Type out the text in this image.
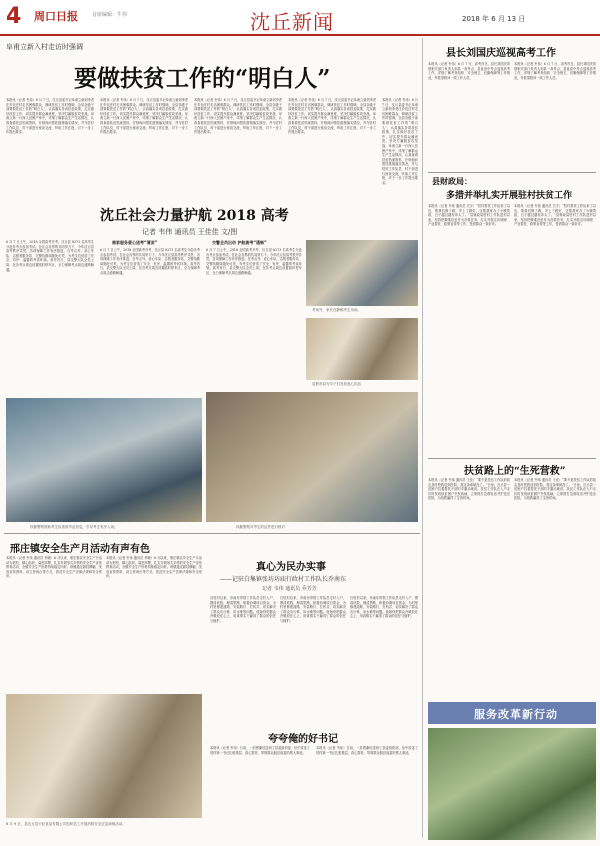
4 周口日报	首席编辑：牛伟	沈丘新闻	2018 年 6 月 13 日
阜甫立新入村走访时强调
要做扶贫工作的“明白人”
本报讯（记者 韦伟）6 月 7 日，沈丘县委书记阜甫立新到李老庄乡包庄村走访困难群众，调研扶贫工作时强调，全县各级干部要做扶贫工作的“明白人”，认真落实各项扶贫政策，扎实做好扶贫工作，切实提升群众满意度，坚决打赢脱贫攻坚战。阜甫立新一行深入贫困户家中，详细了解群众生产生活情况，认真查看扶贫档案资料，仔细询问帮扶措施落实情况，并与驻村工作队员、村干部进行座谈交流，听取工作汇报，对下一步工作提出要求。
本报讯（记者 韦伟）6 月 7 日，沈丘县委书记阜甫立新到李老庄乡包庄村走访困难群众，调研扶贫工作时强调，全县各级干部要做扶贫工作的“明白人”，认真落实各项扶贫政策，扎实做好扶贫工作，切实提升群众满意度，坚决打赢脱贫攻坚战。阜甫立新一行深入贫困户家中，详细了解群众生产生活情况，认真查看扶贫档案资料，仔细询问帮扶措施落实情况，并与驻村工作队员、村干部进行座谈交流，听取工作汇报，对下一步工作提出要求。
本报讯（记者 韦伟）6 月 7 日，沈丘县委书记阜甫立新到李老庄乡包庄村走访困难群众，调研扶贫工作时强调，全县各级干部要做扶贫工作的“明白人”，认真落实各项扶贫政策，扎实做好扶贫工作，切实提升群众满意度，坚决打赢脱贫攻坚战。阜甫立新一行深入贫困户家中，详细了解群众生产生活情况，认真查看扶贫档案资料，仔细询问帮扶措施落实情况，并与驻村工作队员、村干部进行座谈交流，听取工作汇报，对下一步工作提出要求。
本报讯（记者 韦伟）6 月 7 日，沈丘县委书记阜甫立新到李老庄乡包庄村走访困难群众，调研扶贫工作时强调，全县各级干部要做扶贫工作的“明白人”，认真落实各项扶贫政策，扎实做好扶贫工作，切实提升群众满意度，坚决打赢脱贫攻坚战。阜甫立新一行深入贫困户家中，详细了解群众生产生活情况，认真查看扶贫档案资料，仔细询问帮扶措施落实情况，并与驻村工作队员、村干部进行座谈交流，听取工作汇报，对下一步工作提出要求。
本报讯（记者 韦伟）6 月 7 日，沈丘县委书记阜甫立新到李老庄乡包庄村走访困难群众，调研扶贫工作时强调，全县各级干部要做扶贫工作的“明白人”，认真落实各项扶贫政策，扎实做好扶贫工作，切实提升群众满意度，坚决打赢脱贫攻坚战。阜甫立新一行深入贫困户家中，详细了解群众生产生活情况，认真查看扶贫档案资料，仔细询问帮扶措施落实情况，并与驻村工作队员、村干部进行座谈交流，听取工作汇报，对下一步工作提出要求。
沈丘社会力量护航 2018 高考
记者 韦伟 通讯员 王佳佳 文/图
6 月 7 日上午，2018 全国高考开考，沈丘县 8273 名高考生分赴各考点参加考试。在社会各界的共同努力下，今年沈丘县高考秩序井然，各项保障工作有序推进。在考点外，爱心车队、志愿者服务站、交警执勤岗随处可见，为考生们营造了安全、有序、温馨的考试环境。高考首日，县交警大队全员上岗，在各考点周边设置临时停车区，全力保障考点周边道路畅通。
商家服务爱心送考“清凉”
6 月 7 日上午，2018 全国高考开考，沈丘县 8273 名高考生分赴各考点参加考试。在社会各界的共同努力下，今年沈丘县高考秩序井然，各项保障工作有序推进。在考点外，爱心车队、志愿者服务站、交警执勤岗随处可见，为考生们营造了安全、有序、温馨的考试环境。高考首日，县交警大队全员上岗，在各考点周边设置临时停车区，全力保障考点周边道路畅通。
交警全员出动 护航高考“通畅”
6 月 7 日上午，2018 全国高考开考，沈丘县 8273 名高考生分赴各考点参加考试。在社会各界的共同努力下，今年沈丘县高考秩序井然，各项保障工作有序推进。在考点外，爱心车队、志愿者服务站、交警执勤岗随处可见，为考生们营造了安全、有序、温馨的考试环境。高考首日，县交警大队全员上岗，在各考点周边设置临时停车区，全力保障考点周边道路畅通。
考场外，家长在静候考生出场。
县教育局为学子们发放爱心饮品
执勤警察帮助考生检查准考证信息，引导考生有序入场。	执勤警察对考生的证件进行核对
邢庄镇安全生产月活动有声有色
本报讯（记者 韦伟 通讯员 李晓）6 月以来，邢庄镇以安全生产月活动为契机，精心组织，周密部署，扎实开展形式多样的安全生产宣传教育活动，全镇安全生产形势持续稳定向好。该镇通过悬挂横幅、发放宣传资料、设立咨询台等方式，普及安全生产法律法规和安全常识。
本报讯（记者 韦伟 通讯员 李晓）6 月以来，邢庄镇以安全生产月活动为契机，精心组织，周密部署，扎实开展形式多样的安全生产宣传教育活动，全镇安全生产形势持续稳定向好。该镇通过悬挂横幅、发放宣传资料、设立咨询台等方式，普及安全生产法律法规和安全常识。
6 月 9 日，县沈丘县天旺食品有限公司组织员工开展消防安全应急演练活动。
真心为民办实事
——记驻白集镇张坊坊庙行政村工作队长乔南东
记者 韦伟 通讯员 乔芳芳
自驻村以来，乔南东带领工作队员走村入户，摸清底数，理清思路，积极协调项目资金，为村里修建道路、安装路灯、打机井，切实解决了群众出行难、用水难等问题。他始终把群众冷暖放在心上，用真情实干赢得了群众的信任与拥护。
自驻村以来，乔南东带领工作队员走村入户，摸清底数，理清思路，积极协调项目资金，为村里修建道路、安装路灯、打机井，切实解决了群众出行难、用水难等问题。他始终把群众冷暖放在心上，用真情实干赢得了群众的信任与拥护。
自驻村以来，乔南东带领工作队员走村入户，摸清底数，理清思路，积极协调项目资金，为村里修建道路、安装路灯、打机井，切实解决了群众出行难、用水难等问题。他始终把群众冷暖放在心上，用真情实干赢得了群众的信任与拥护。
夸夸俺的好书记
本报讯（记者 韦伟）日前，一封感谢信送到了县委组织部，信中讲述了驻村第一书记扎根基层、真心帮扶、带领群众脱贫致富的感人事迹。
本报讯（记者 韦伟）日前，一封感谢信送到了县委组织部，信中讲述了驻村第一书记扎根基层、真心帮扶、带领群众脱贫致富的感人事迹。
县长刘国庆巡视高考工作
本报讯（记者 韦伟）6 月 7 日，高考首日，县长刘国庆带领相关部门负责人到县一高考点、县直高中考点巡视高考工作，详细了解考务组织、安全保卫、后勤保障等工作情况，并看望慰问一线工作人员。
本报讯（记者 韦伟）6 月 7 日，高考首日，县长刘国庆带领相关部门负责人到县一高考点、县直高中考点巡视高考工作，详细了解考务组织、安全保卫、后勤保障等工作情况，并看望慰问一线工作人员。
县财政局：
多措并举扎实开展驻村扶贫工作
本报讯（记者 韦伟 通讯员 关宇）“驻村帮扶工作队来了以后，帮我们修了路，安上了路灯，还帮我家办了小额贷款，日子越过越有奔头了。”县财政局驻村工作队进村以来，坚持把精准扶贫作为首要任务，扎实开展走访调研、产业帮扶、政策宣传等工作，受到群众一致好评。
本报讯（记者 韦伟 通讯员 关宇）“驻村帮扶工作队来了以后，帮我们修了路，安上了路灯，还帮我家办了小额贷款，日子越过越有奔头了。”县财政局驻村工作队进村以来，坚持把精准扶贫作为首要任务，扎实开展走访调研、产业帮扶、政策宣传等工作，受到群众一致好评。
扶贫路上的“生死营救”
本报讯（记者 韦伟 通讯员 王佳）“要不是扶贫工作队的同志及时把我送到医院，我这条命就没了。”日前，沈丘县一贫困户拉着帮扶干部的手激动地说。扶贫工作队在入户走访时发现该贫困户突发疾病，立即拨打急救电话并护送至医院，为抢救赢得了宝贵时间。
本报讯（记者 韦伟 通讯员 王佳）“要不是扶贫工作队的同志及时把我送到医院，我这条命就没了。”日前，沈丘县一贫困户拉着帮扶干部的手激动地说。扶贫工作队在入户走访时发现该贫困户突发疾病，立即拨打急救电话并护送至医院，为抢救赢得了宝贵时间。
服务改革新行动
